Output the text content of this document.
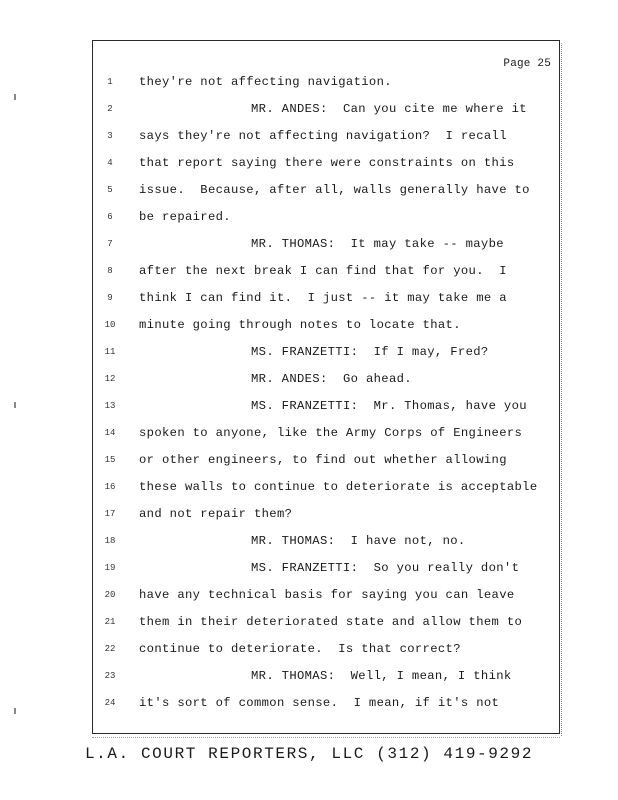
Page 25
1	they're not affecting navigation.
2	MR. ANDES:  Can you cite me where it
3	says they're not affecting navigation?  I recall
4	that report saying there were constraints on this
5	issue.  Because, after all, walls generally have to
6	be repaired.
7	MR. THOMAS:  It may take -- maybe
8	after the next break I can find that for you.  I
9	think I can find it.  I just -- it may take me a
10 minute going through notes to locate that.
11	MS. FRANZETTI:  If I may, Fred?
12	MR. ANDES:  Go ahead.
13	MS. FRANZETTI:  Mr. Thomas, have you
14 spoken to anyone, like the Army Corps of Engineers
15 or other engineers, to find out whether allowing
16 these walls to continue to deteriorate is acceptable
17 and not repair them?
18	MR. THOMAS:  I have not, no.
19	MS. FRANZETTI:  So you really don't
20 have any technical basis for saying you can leave
21 them in their deteriorated state and allow them to
22 continue to deteriorate.  Is that correct?
23	MR. THOMAS:  Well, I mean, I think
24 it's sort of common sense.  I mean, if it's not
L.A. COURT REPORTERS, LLC (312) 419-9292
